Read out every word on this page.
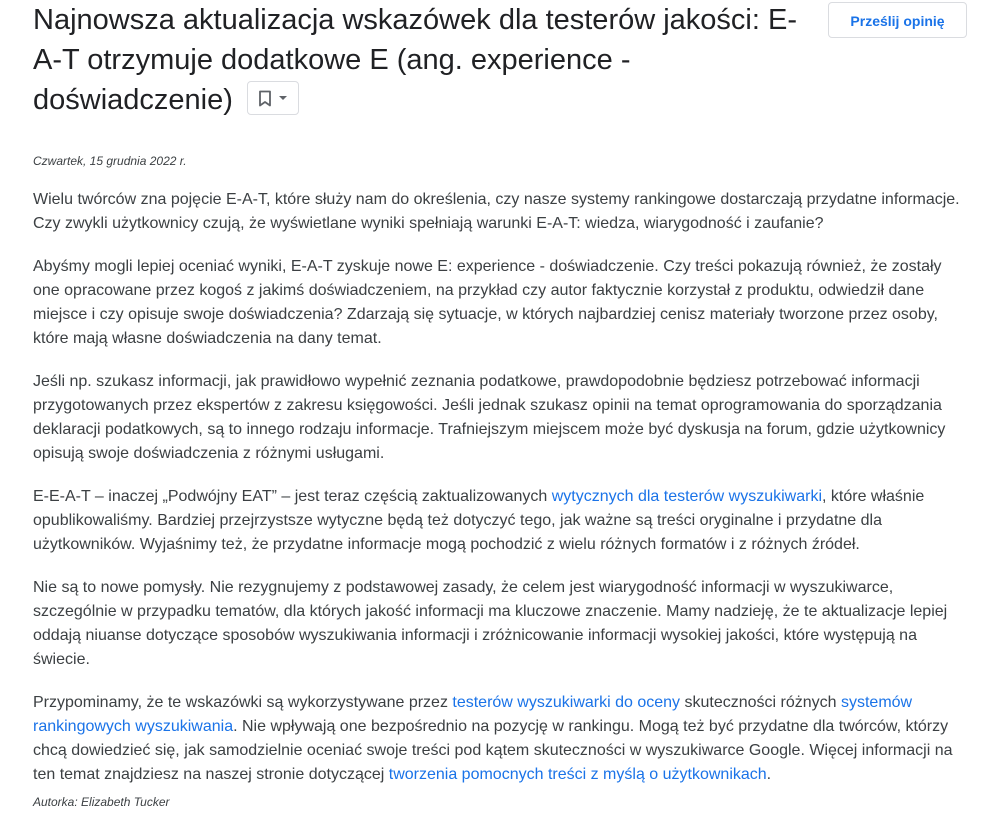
Najnowsza aktualizacja wskazówek dla testerów jakości: E-A-T otrzymuje dodatkowe E (ang. experience - doświadczenie)
Prześlij opinię
Czwartek, 15 grudnia 2022 r.

Wielu twórców zna pojęcie E-A-T, które służy nam do określenia, czy nasze systemy rankingowe dostarczają przydatne informacje. Czy zwykli użytkownicy czują, że wyświetlane wyniki spełniają warunki E-A-T: wiedza, wiarygodność i zaufanie?

Abyśmy mogli lepiej oceniać wyniki, E-A-T zyskuje nowe E: experience - doświadczenie. Czy treści pokazują również, że zostały one opracowane przez kogoś z jakimś doświadczeniem, na przykład czy autor faktycznie korzystał z produktu, odwiedził dane miejsce i czy opisuje swoje doświadczenia? Zdarzają się sytuacje, w których najbardziej cenisz materiały tworzone przez osoby, które mają własne doświadczenia na dany temat.

Jeśli np. szukasz informacji, jak prawidłowo wypełnić zeznania podatkowe, prawdopodobnie będziesz potrzebować informacji przygotowanych przez ekspertów z zakresu księgowości. Jeśli jednak szukasz opinii na temat oprogramowania do sporządzania deklaracji podatkowych, są to innego rodzaju informacje. Trafniejszym miejscem może być dyskusja na forum, gdzie użytkownicy opisują swoje doświadczenia z różnymi usługami.

E-E-A-T – inaczej „Podwójny EAT” – jest teraz częścią zaktualizowanych wytycznych dla testerów wyszukiwarki, które właśnie opublikowaliśmy. Bardziej przejrzystsze wytyczne będą też dotyczyć tego, jak ważne są treści oryginalne i przydatne dla użytkowników. Wyjaśnimy też, że przydatne informacje mogą pochodzić z wielu różnych formatów i z różnych źródeł.

Nie są to nowe pomysły. Nie rezygnujemy z podstawowej zasady, że celem jest wiarygodność informacji w wyszukiwarce, szczególnie w przypadku tematów, dla których jakość informacji ma kluczowe znaczenie. Mamy nadzieję, że te aktualizacje lepiej oddają niuanse dotyczące sposobów wyszukiwania informacji i zróżnicowanie informacji wysokiej jakości, które występują na świecie.

Przypominamy, że te wskazówki są wykorzystywane przez testerów wyszukiwarki do oceny skuteczności różnych systemów rankingowych wyszukiwania. Nie wpływają one bezpośrednio na pozycję w rankingu. Mogą też być przydatne dla twórców, którzy chcą dowiedzieć się, jak samodzielnie oceniać swoje treści pod kątem skuteczności w wyszukiwarce Google. Więcej informacji na ten temat znajdziesz na naszej stronie dotyczącej tworzenia pomocnych treści z myślą o użytkownikach.

Autorka: Elizabeth Tucker
